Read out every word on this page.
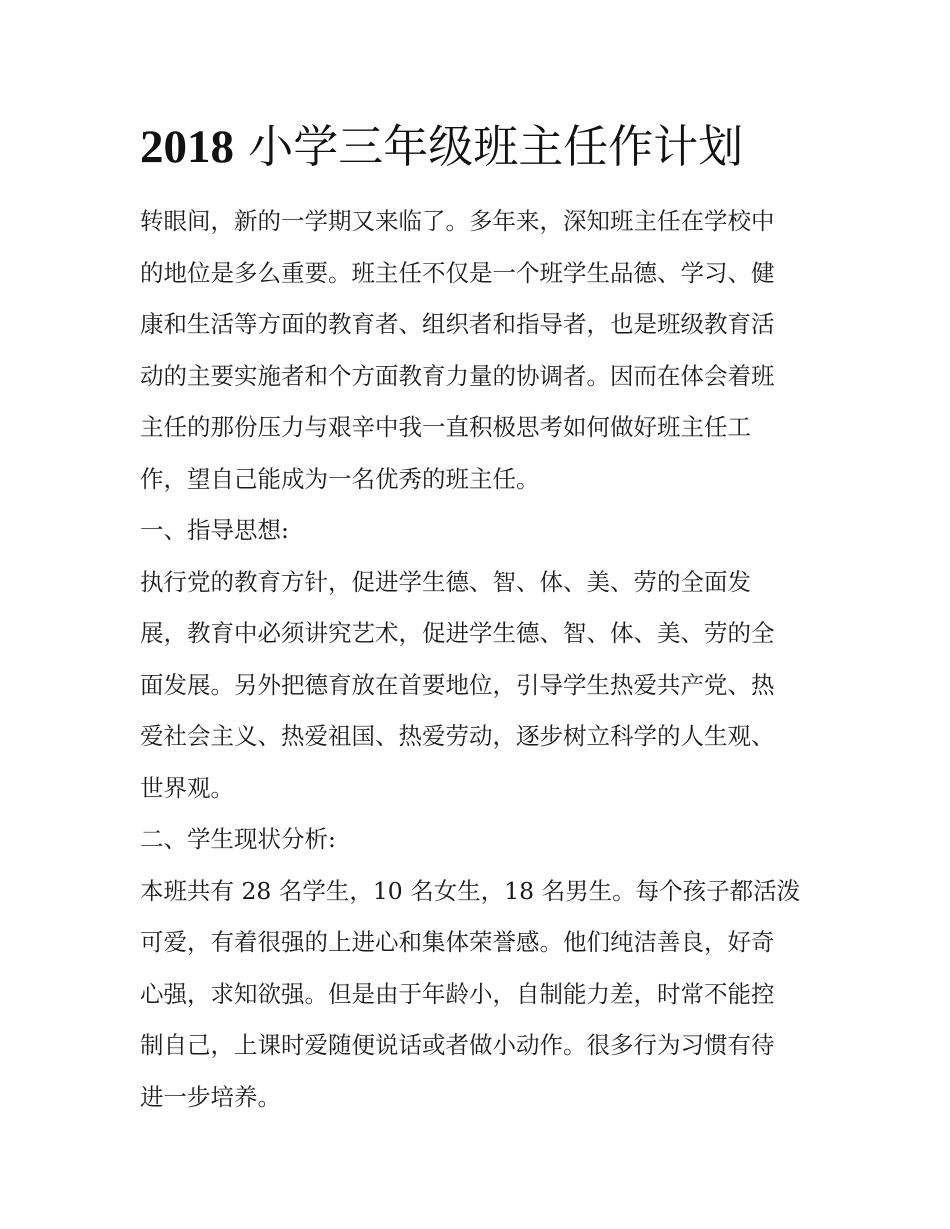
2018 小学三年级班主任作计划
转眼间，新的一学期又来临了。多年来，深知班主任在学校中
的地位是多么重要。班主任不仅是一个班学生品德、学习、健
康和生活等方面的教育者、组织者和指导者，也是班级教育活
动的主要实施者和个方面教育力量的协调者。因而在体会着班
主任的那份压力与艰辛中我一直积极思考如何做好班主任工
作，望自己能成为一名优秀的班主任。
一、指导思想:
执行党的教育方针，促进学生德、智、体、美、劳的全面发
展，教育中必须讲究艺术，促进学生德、智、体、美、劳的全
面发展。另外把德育放在首要地位，引导学生热爱共产党、热
爱社会主义、热爱祖国、热爱劳动，逐步树立科学的人生观、
世界观。
二、学生现状分析:
本班共有 28 名学生，10 名女生，18 名男生。每个孩子都活泼
可爱，有着很强的上进心和集体荣誉感。他们纯洁善良，好奇
心强，求知欲强。但是由于年龄小，自制能力差，时常不能控
制自己，上课时爱随便说话或者做小动作。很多行为习惯有待
进一步培养。
